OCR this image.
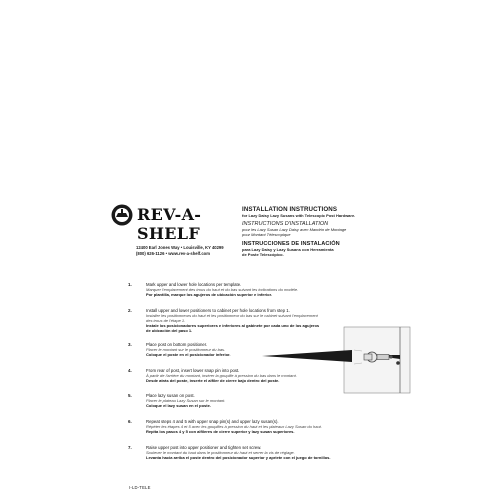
REV-A-SHELF
12400 Earl Jones Way • Louisville, KY 40299
(800) 626-1126 • www.rev-a-shelf.com
INSTALLATION INSTRUCTIONS
for Lazy Daisy Lazy Susans with Telescopic Post Hardware.
INSTRUCTIONS D'INSTALLATION
pour les Lazy Susan Lazy Daisy avec Mandrin de Montage
pour Montant Télescopique
INSTRUCCIONES DE INSTALACIÓN
para Lazy Daisy y Lazy Susans con Herramienta
de Poste Telescópico.
1.	Mark upper and lower hole locations per template.
Marquer l'emplacement des trous du haut et du bas suivant les indications du modèle.
Por plantilla, marque los agujeros de ubicación superior e inferior.
2.	Install upper and lower positioners to cabinet per hole locations from step 1.
Installer les positionneurs du haut et les positionneur du bas sur le cabinet suivant l'emplacement
des trous de l'étape 1.
Instale los posicionadores superiores e inferiores al gabinete por cada uno de los agujeros
de ubicación del paso 1.
3.	Place post on bottom positioner.
Placer le montant sur le positionneur du bas.
Coloque el poste en el posicionador inferior.
4.	From rear of post, insert lower snap pin into post.
À partir de l'arrière du montant, insérer la goupille à pression du bas dans le montant.
Desde atrás del poste, inserte el alfiler de cierre bajo dentro del poste.
5.	Place lazy susan on post.
Placer le plateau Lazy Susan sur le montant.
Coloque el lazy susan en el poste.
6.	Repeat steps 4 and 5 with upper snap pin(s) and upper lazy susan(s).
Répéter les étapes 4 et 5 avec les goupilles à pression du haut et les plateaux Lazy Susan du haut.
Repita los pasos 4 y 5 con alfileres de cierre superior y lazy susan superiores.
7.	Raise upper post into upper positioner and tighten set screw.
Soulever le montant du haut dans le positionneur du haut et serrer la vis de réglage.
Levanta hacia arriba el poste dentro del posicionador superior y apriete con el juego de tornillos.
I-LD-TELE
